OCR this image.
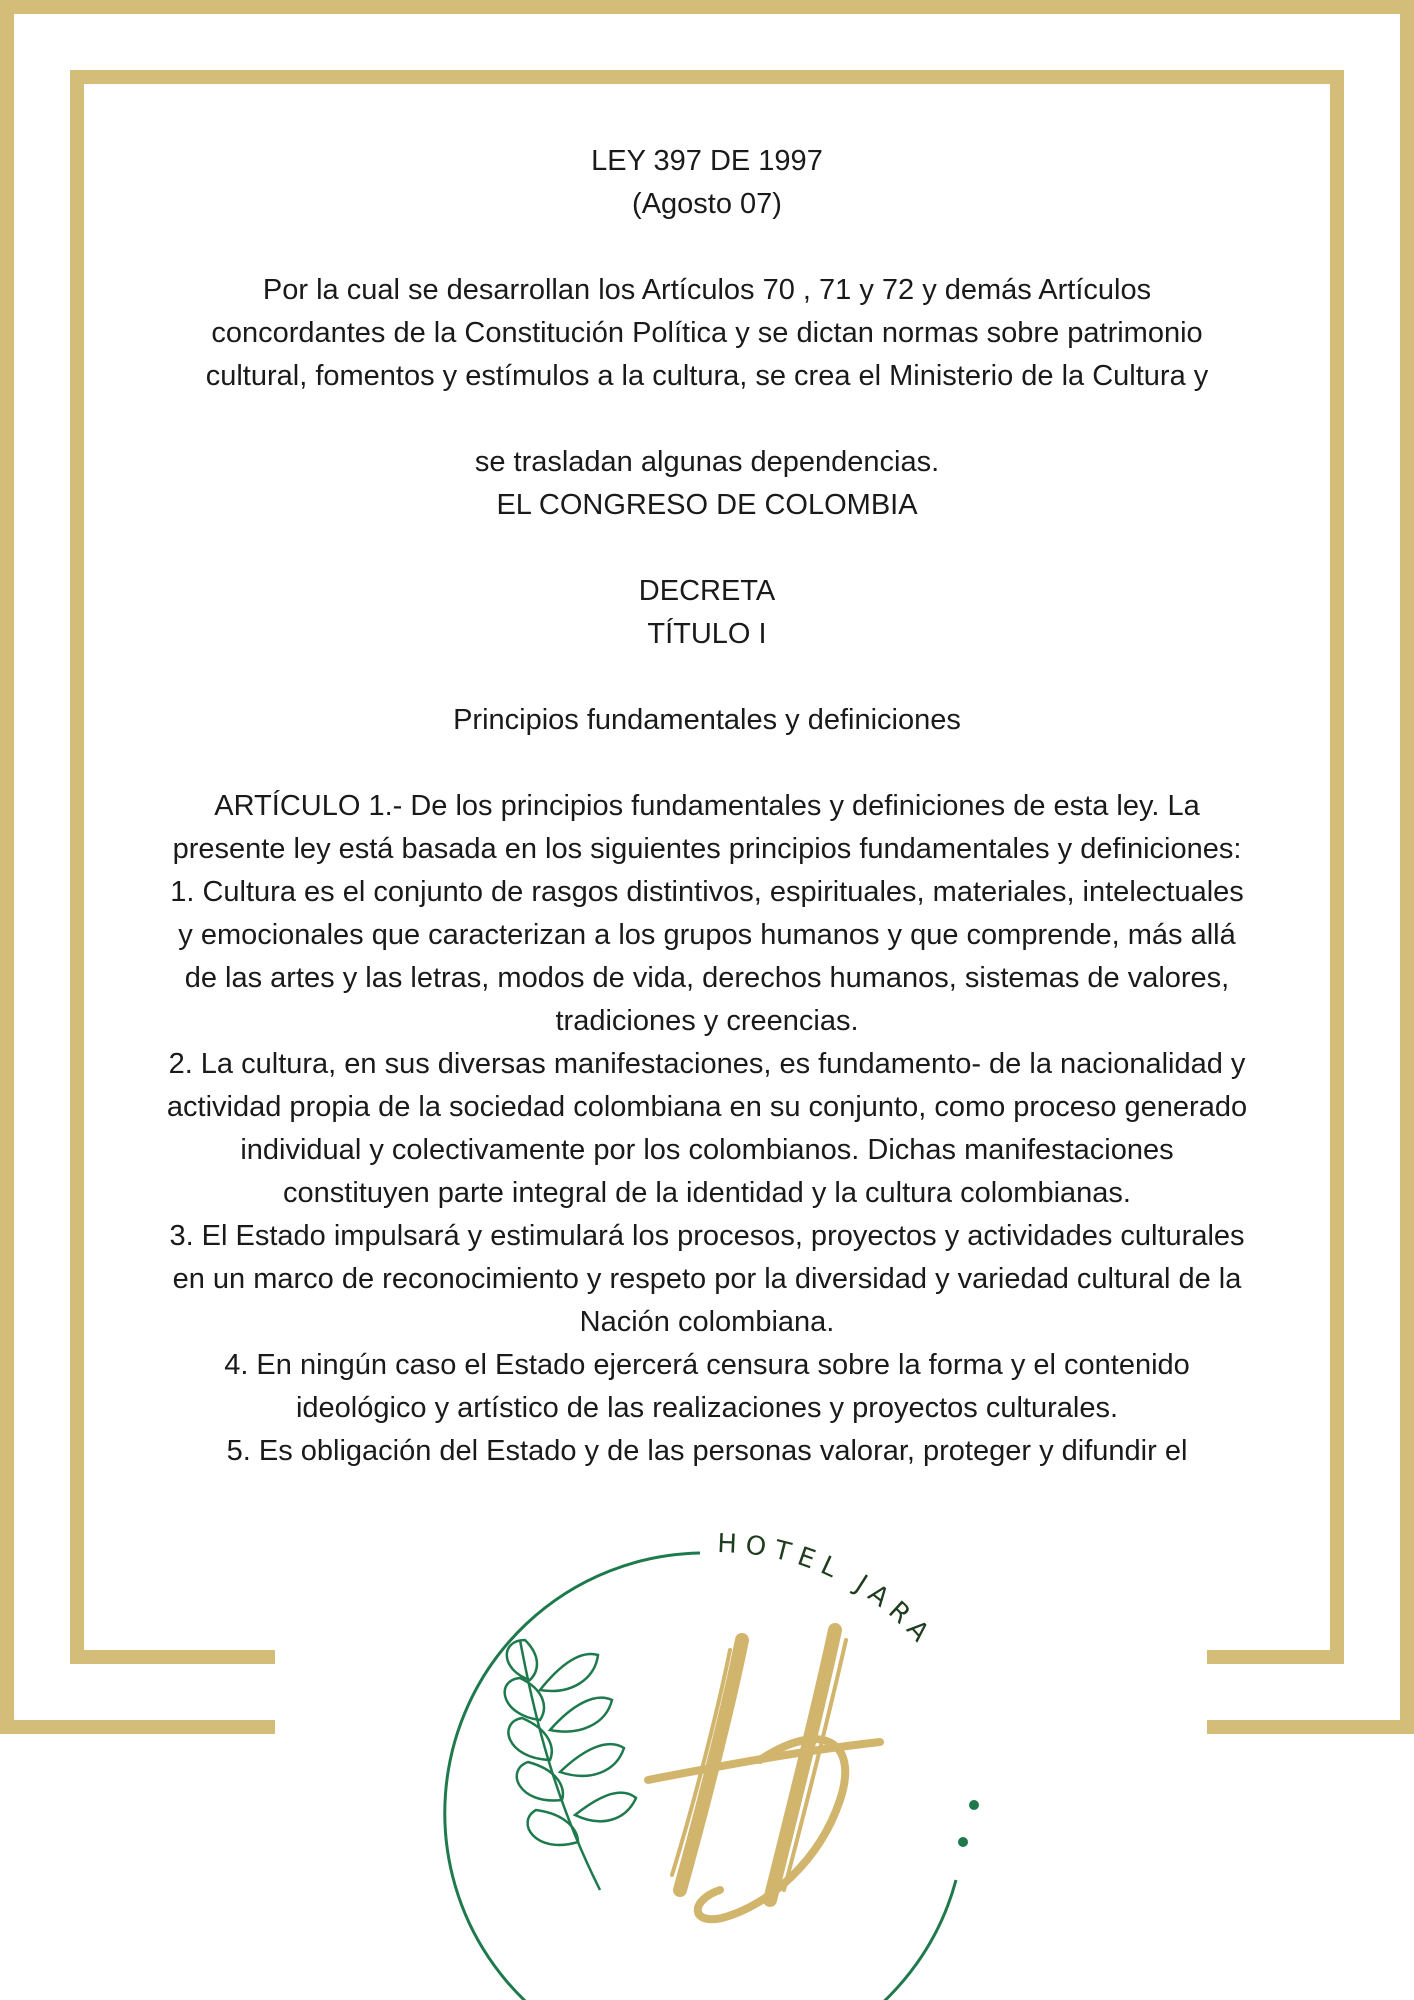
LEY 397 DE 1997

(Agosto 07)

Por la cual se desarrollan los Artículos 70 , 71 y 72 y demás Artículos

concordantes de la Constitución Política y se dictan normas sobre patrimonio

cultural, fomentos y estímulos a la cultura, se crea el Ministerio de la Cultura y

se trasladan algunas dependencias.

EL CONGRESO DE COLOMBIA

DECRETA

TÍTULO I

Principios fundamentales y definiciones

ARTÍCULO 1.- De los principios fundamentales y definiciones de esta ley. La

presente ley está basada en los siguientes principios fundamentales y definiciones:

1. Cultura es el conjunto de rasgos distintivos, espirituales, materiales, intelectuales

y emocionales que caracterizan a los grupos humanos y que comprende, más allá

de las artes y las letras, modos de vida, derechos humanos, sistemas de valores,

tradiciones y creencias.

2. La cultura, en sus diversas manifestaciones, es fundamento- de la nacionalidad y

actividad propia de la sociedad colombiana en su conjunto, como proceso generado

individual y colectivamente por los colombianos. Dichas manifestaciones

constituyen parte integral de la identidad y la cultura colombianas.

3. El Estado impulsará y estimulará los procesos, proyectos y actividades culturales

en un marco de reconocimiento y respeto por la diversidad y variedad cultural de la

Nación colombiana.

4. En ningún caso el Estado ejercerá censura sobre la forma y el contenido

ideológico y artístico de las realizaciones y proyectos culturales.

5. Es obligación del Estado y de las personas valorar, proteger y difundir el

HOTEL JARA
